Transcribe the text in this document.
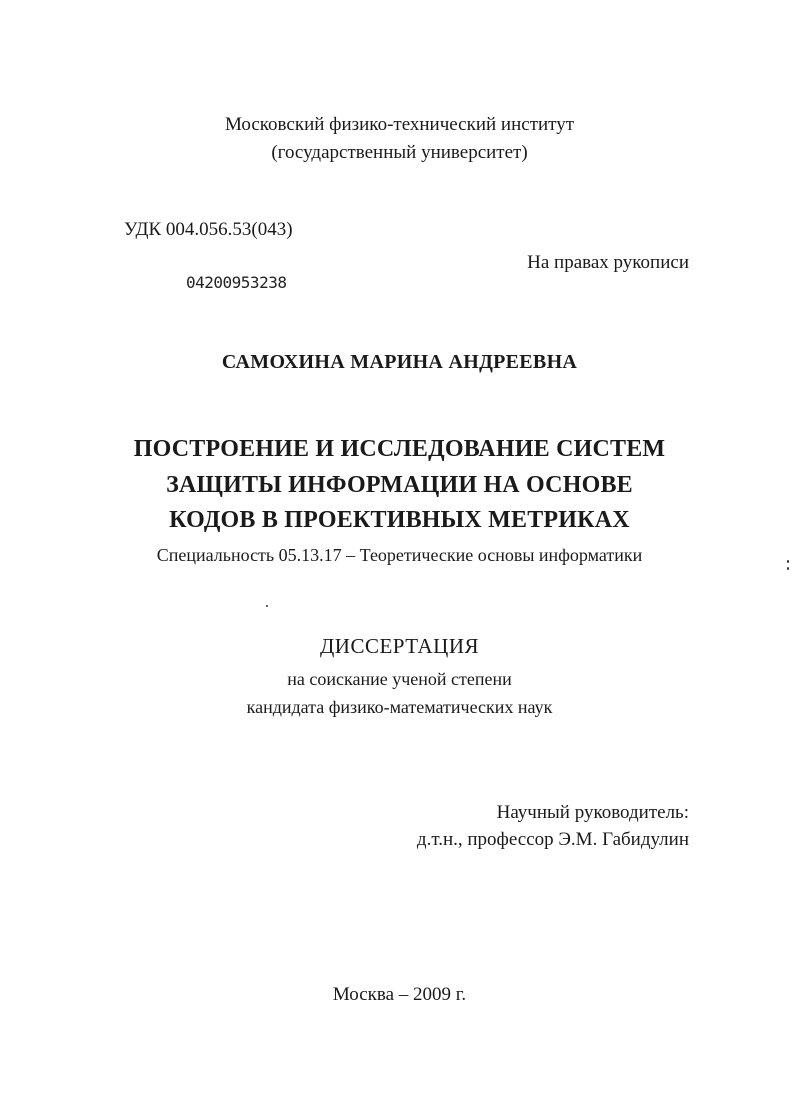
Московский физико-технический институт
(государственный университет)
УДК 004.056.53(043)
На правах рукописи
04200953238
САМОХИНА МАРИНА АНДРЕЕВНА
ПОСТРОЕНИЕ И ИССЛЕДОВАНИЕ СИСТЕМ
ЗАЩИТЫ ИНФОРМАЦИИ НА ОСНОВЕ
КОДОВ В ПРОЕКТИВНЫХ МЕТРИКАХ
Специальность 05.13.17 – Теоретические основы информатики
ДИССЕРТАЦИЯ
на соискание ученой степени
кандидата физико-математических наук
Научный руководитель:
д.т.н., профессор Э.М. Габидулин
Москва – 2009 г.
